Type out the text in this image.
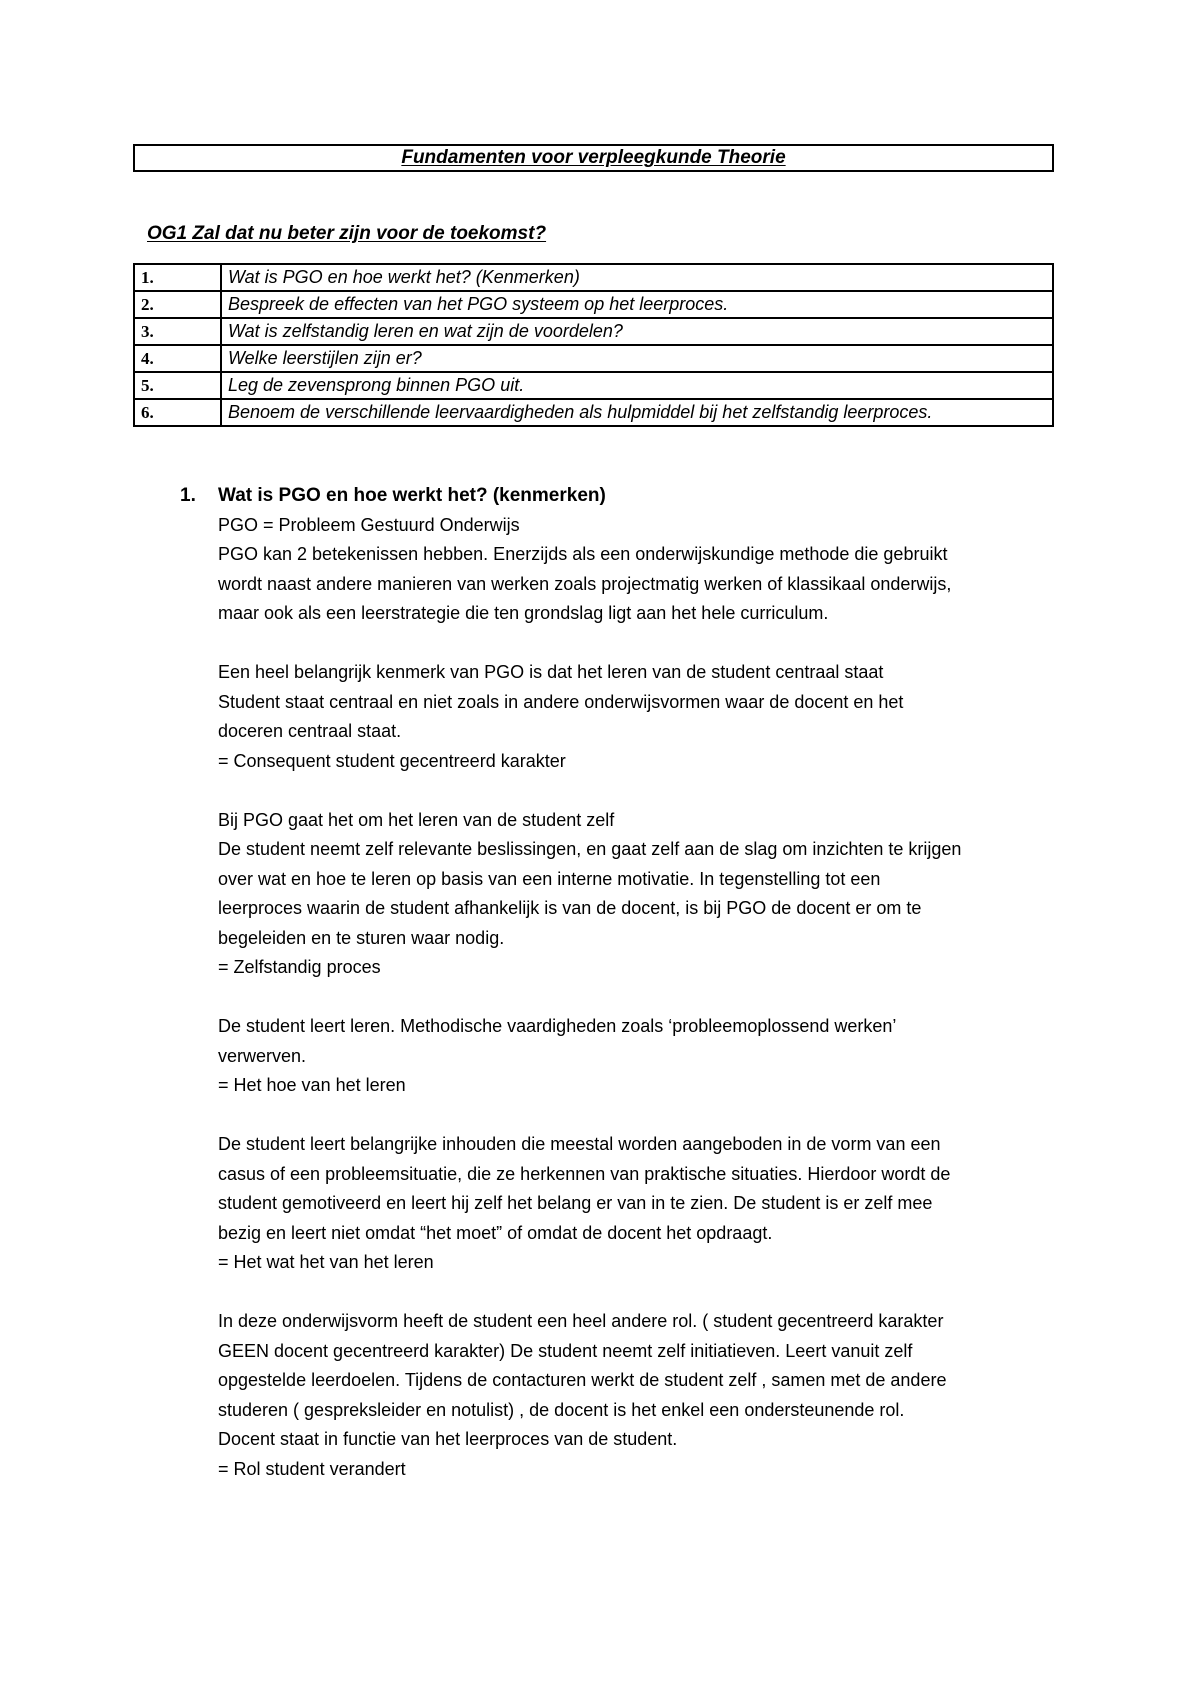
Fundamenten voor verpleegkunde Theorie
OG1 Zal dat nu beter zijn voor de toekomst?
1.	Wat is PGO en hoe werkt het? (Kenmerken)
2.	Bespreek de effecten van het PGO systeem op het leerproces.
3.	Wat is zelfstandig leren en wat zijn de voordelen?
4.	Welke leerstijlen zijn er?
5.	Leg de zevensprong binnen PGO uit.
6.	Benoem de verschillende leervaardigheden als hulpmiddel bij het zelfstandig leerproces.
1.	Wat is PGO en hoe werkt het? (kenmerken)
PGO = Probleem Gestuurd Onderwijs
PGO kan 2 betekenissen hebben. Enerzijds als een onderwijskundige methode die gebruikt
wordt naast andere manieren van werken zoals projectmatig werken of klassikaal onderwijs,
maar ook als een leerstrategie die ten grondslag ligt aan het hele curriculum.
Een heel belangrijk kenmerk van PGO is dat het leren van de student centraal staat
Student staat centraal en niet zoals in andere onderwijsvormen waar de docent en het
doceren centraal staat.
= Consequent student gecentreerd karakter
Bij PGO gaat het om het leren van de student zelf
De student neemt zelf relevante beslissingen, en gaat zelf aan de slag om inzichten te krijgen
over wat en hoe te leren op basis van een interne motivatie. In tegenstelling tot een
leerproces waarin de student afhankelijk is van de docent, is bij PGO de docent er om te
begeleiden en te sturen waar nodig.
= Zelfstandig proces
De student leert leren. Methodische vaardigheden zoals ‘probleemoplossend werken’
verwerven.
= Het hoe van het leren
De student leert belangrijke inhouden die meestal worden aangeboden in de vorm van een
casus of een probleemsituatie, die ze herkennen van praktische situaties. Hierdoor wordt de
student gemotiveerd en leert hij zelf het belang er van in te zien. De student is er zelf mee
bezig en leert niet omdat “het moet” of omdat de docent het opdraagt.
= Het wat het van het leren
In deze onderwijsvorm heeft de student een heel andere rol. ( student gecentreerd karakter
GEEN docent gecentreerd karakter) De student neemt zelf initiatieven. Leert vanuit zelf
opgestelde leerdoelen. Tijdens de contacturen werkt de student zelf , samen met de andere
studeren ( gespreksleider en notulist) , de docent is het enkel een ondersteunende rol.
Docent staat in functie van het leerproces van de student.
= Rol student verandert
